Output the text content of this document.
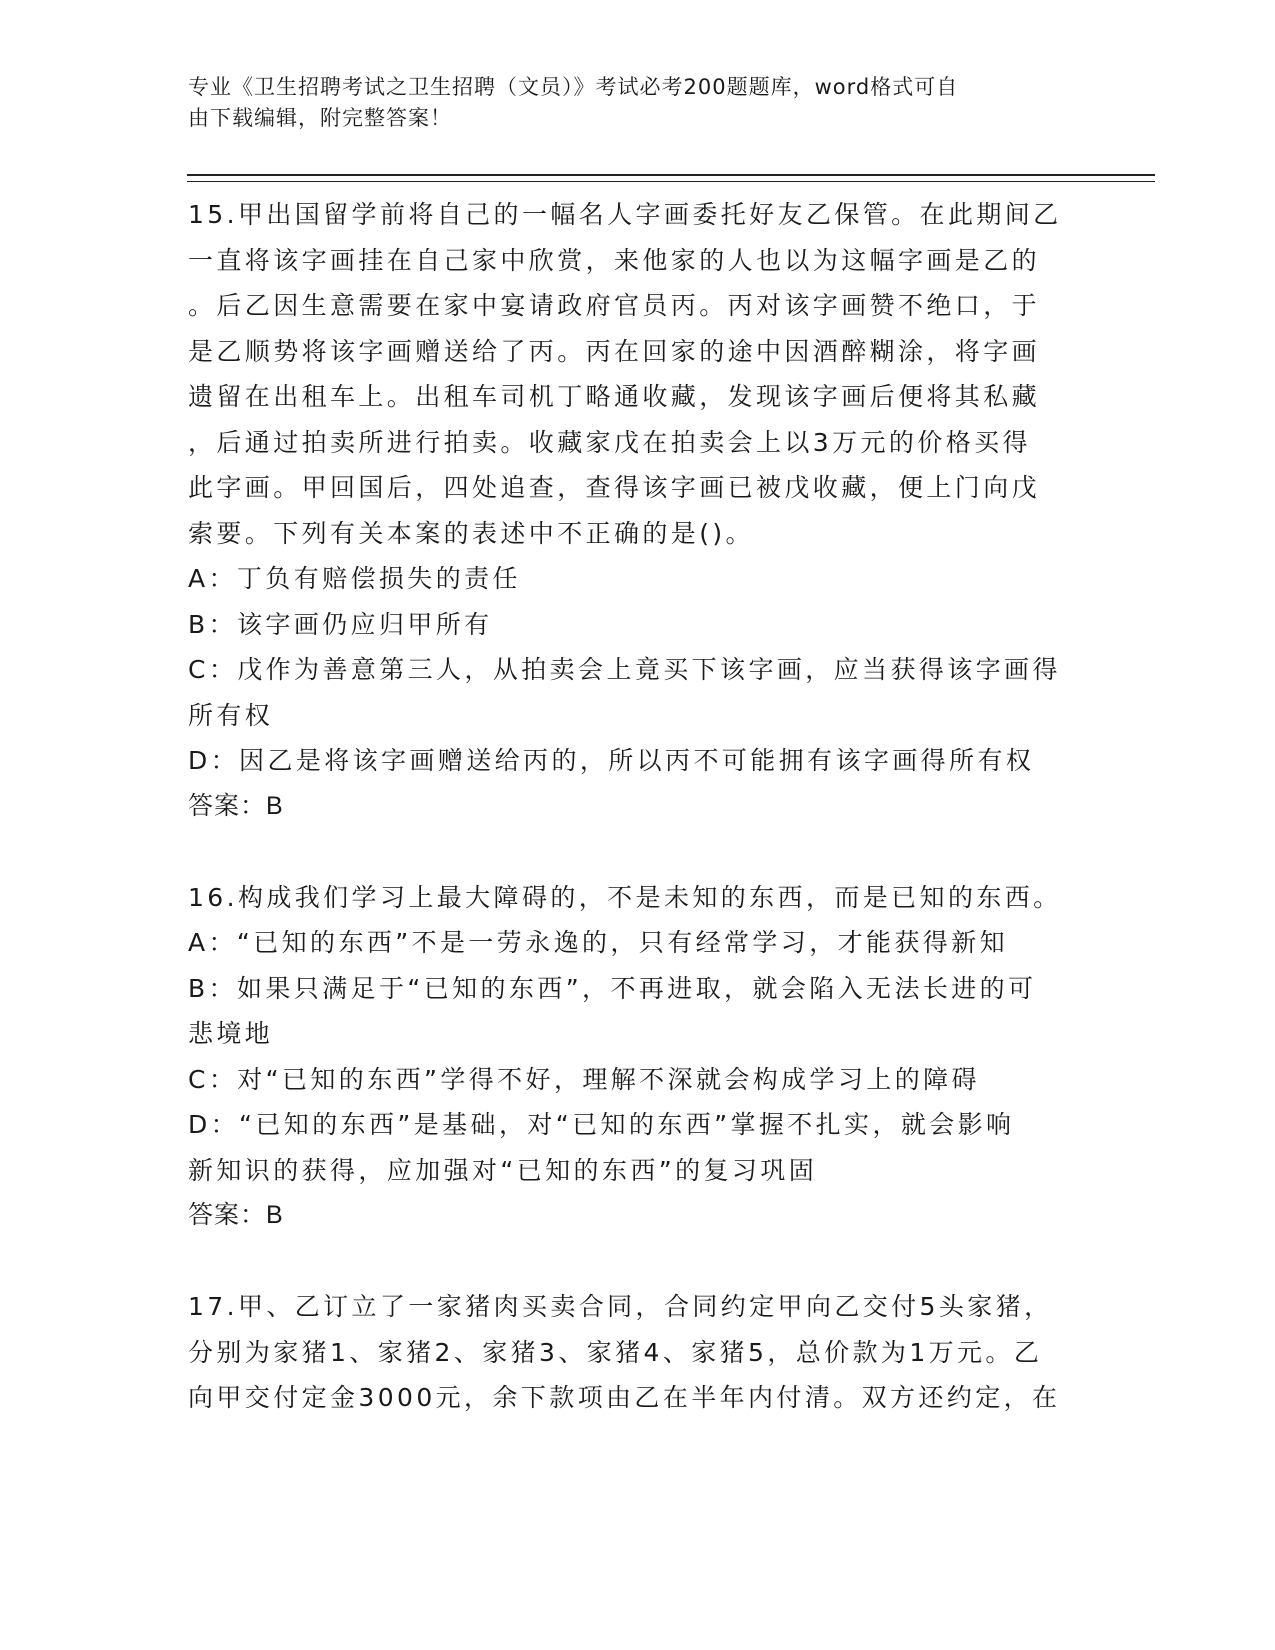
专业《卫生招聘考试之卫生招聘（文员）》考试必考200题题库，word格式可自
由下载编辑，附完整答案！
15.甲出国留学前将自己的一幅名人字画委托好友乙保管。在此期间乙
一直将该字画挂在自己家中欣赏，来他家的人也以为这幅字画是乙的
。后乙因生意需要在家中宴请政府官员丙。丙对该字画赞不绝口，于
是乙顺势将该字画赠送给了丙。丙在回家的途中因酒醉糊涂，将字画
遗留在出租车上。出租车司机丁略通收藏，发现该字画后便将其私藏
，后通过拍卖所进行拍卖。收藏家戊在拍卖会上以3万元的价格买得
此字画。甲回国后，四处追查，查得该字画已被戊收藏，便上门向戊
索要。下列有关本案的表述中不正确的是()。
A：丁负有赔偿损失的责任
B：该字画仍应归甲所有
C：戊作为善意第三人，从拍卖会上竟买下该字画，应当获得该字画得
所有权
D：因乙是将该字画赠送给丙的，所以丙不可能拥有该字画得所有权
答案：B
16.构成我们学习上最大障碍的，不是未知的东西，而是已知的东西。
A：“已知的东西”不是一劳永逸的，只有经常学习，才能获得新知
B：如果只满足于“已知的东西”，不再进取，就会陷入无法长进的可
悲境地
C：对“已知的东西”学得不好，理解不深就会构成学习上的障碍
D：“已知的东西”是基础，对“已知的东西”掌握不扎实，就会影响
新知识的获得，应加强对“已知的东西”的复习巩固
答案：B
17.甲、乙订立了一家猪肉买卖合同，合同约定甲向乙交付5头家猪，
分别为家猪1、家猪2、家猪3、家猪4、家猪5，总价款为1万元。乙
向甲交付定金3000元，余下款项由乙在半年内付清。双方还约定，在
